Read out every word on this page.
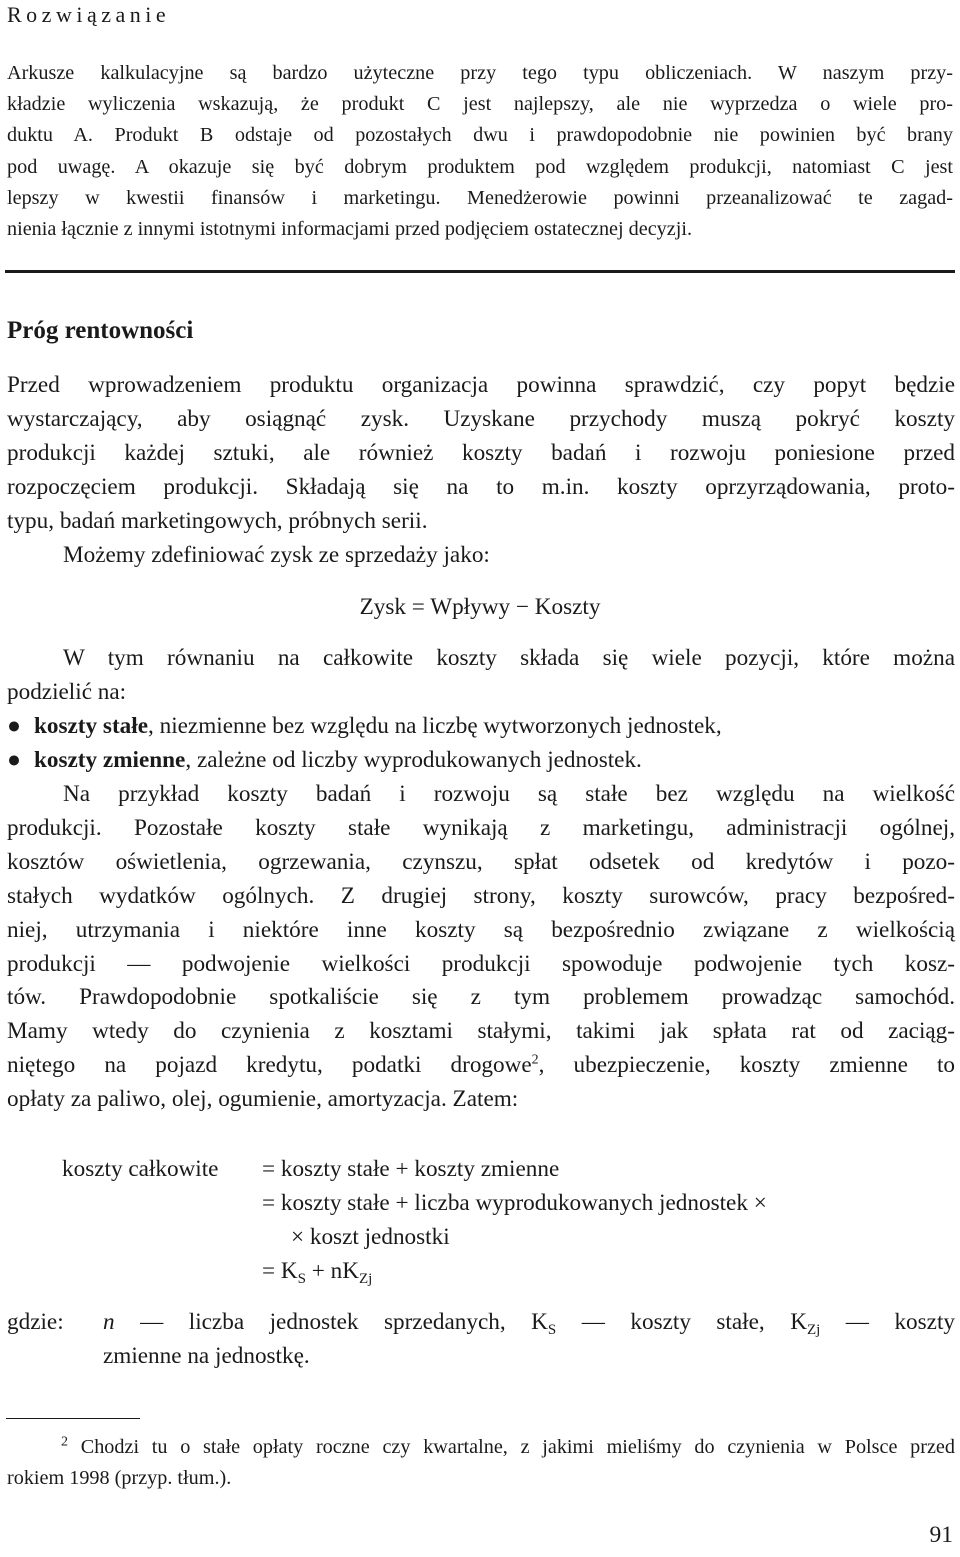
Rozwiązanie
Arkusze kalkulacyjne są bardzo użyteczne przy tego typu obliczeniach. W naszym przy-
kładzie wyliczenia wskazują, że produkt C jest najlepszy, ale nie wyprzedza o wiele pro-
duktu A. Produkt B odstaje od pozostałych dwu i prawdopodobnie nie powinien być brany
pod uwagę. A okazuje się być dobrym produktem pod względem produkcji, natomiast C jest
lepszy w kwestii finansów i marketingu. Menedżerowie powinni przeanalizować te zagad-
nienia łącznie z innymi istotnymi informacjami przed podjęciem ostatecznej decyzji.
Próg rentowności
Przed wprowadzeniem produktu organizacja powinna sprawdzić, czy popyt będzie
wystarczający, aby osiągnąć zysk. Uzyskane przychody muszą pokryć koszty
produkcji każdej sztuki, ale również koszty badań i rozwoju poniesione przed
rozpoczęciem produkcji. Składają się na to m.in. koszty oprzyrządowania, proto-
typu, badań marketingowych, próbnych serii.
Możemy zdefiniować zysk ze sprzedaży jako:
Zysk = Wpływy − Koszty
W tym równaniu na całkowite koszty składa się wiele pozycji, które można
podzielić na:
● koszty stałe, niezmienne bez względu na liczbę wytworzonych jednostek,
● koszty zmienne, zależne od liczby wyprodukowanych jednostek.
Na przykład koszty badań i rozwoju są stałe bez względu na wielkość
produkcji. Pozostałe koszty stałe wynikają z marketingu, administracji ogólnej,
kosztów oświetlenia, ogrzewania, czynszu, spłat odsetek od kredytów i pozo-
stałych wydatków ogólnych. Z drugiej strony, koszty surowców, pracy bezpośred-
niej, utrzymania i niektóre inne koszty są bezpośrednio związane z wielkością
produkcji — podwojenie wielkości produkcji spowoduje podwojenie tych kosz-
tów. Prawdopodobnie spotkaliście się z tym problemem prowadząc samochód.
Mamy wtedy do czynienia z kosztami stałymi, takimi jak spłata rat od zaciąg-
niętego na pojazd kredytu, podatki drogowe$^2$, ubezpieczenie, koszty zmienne to
opłaty za paliwo, olej, ogumienie, amortyzacja. Zatem:
koszty całkowite = koszty stałe + koszty zmienne
= koszty stałe + liczba wyprodukowanych jednostek ×
× koszt jednostki
= $K_S + nK_{Zj}$
gdzie:	n — liczba jednostek sprzedanych, $K_S$ — koszty stałe, $K_{Zj}$ — koszty
zmienne na jednostkę.
$^2$ Chodzi tu o stałe opłaty roczne czy kwartalne, z jakimi mieliśmy do czynienia w Polsce przed
rokiem 1998 (przyp. tłum.).
91
